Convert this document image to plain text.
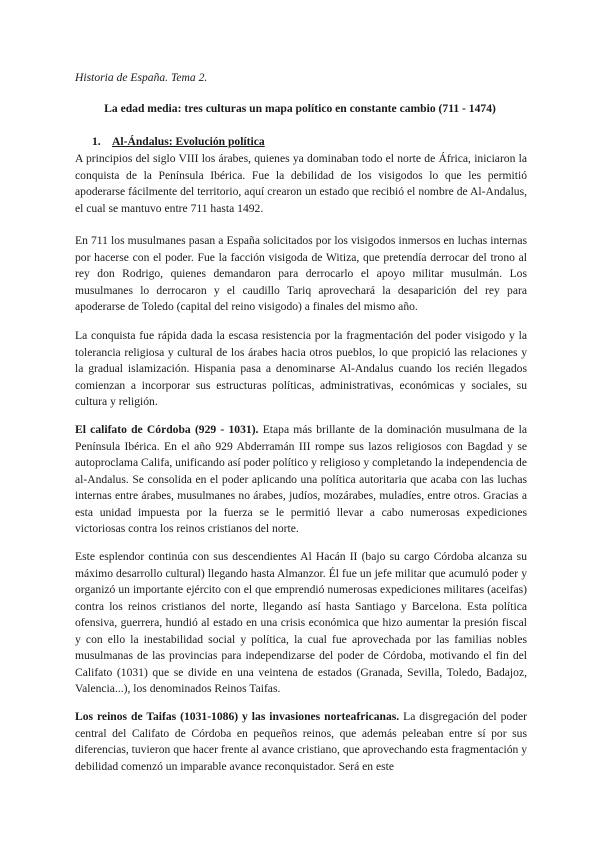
Historia de España. Tema 2.
La edad media: tres culturas un mapa político en constante cambio (711 - 1474)
1. Al-Ándalus: Evolución política

A principios del siglo VIII los árabes, quienes ya dominaban todo el norte de África, iniciaron la conquista de la Península Ibérica. Fue la debilidad de los visigodos lo que les permitió apoderarse fácilmente del territorio, aquí crearon un estado que recibió el nombre de Al-Andalus, el cual se mantuvo entre 711 hasta 1492.

En 711 los musulmanes pasan a España solicitados por los visigodos inmersos en luchas internas por hacerse con el poder. Fue la facción visigoda de Witiza, que pretendía derrocar del trono al rey don Rodrigo, quienes demandaron para derrocarlo el apoyo militar musulmán. Los musulmanes lo derrocaron y el caudillo Tariq aprovechará la desaparición del rey para apoderarse de Toledo (capital del reino visigodo) a finales del mismo año.

La conquista fue rápida dada la escasa resistencia por la fragmentación del poder visigodo y la tolerancia religiosa y cultural de los árabes hacia otros pueblos, lo que propició las relaciones y la gradual islamización. Hispania pasa a denominarse Al-Andalus cuando los recién llegados comienzan a incorporar sus estructuras políticas, administrativas, económicas y sociales, su cultura y religión.

El califato de Córdoba (929 - 1031). Etapa más brillante de la dominación musulmana de la Península Ibérica. En el año 929 Abderramán III rompe sus lazos religiosos con Bagdad y se autoproclama Califa, unificando así poder político y religioso y completando la independencia de al-Andalus. Se consolida en el poder aplicando una política autoritaria que acaba con las luchas internas entre árabes, musulmanes no árabes, judíos, mozárabes, muladíes, entre otros. Gracias a esta unidad impuesta por la fuerza se le permitió llevar a cabo numerosas expediciones victoriosas contra los reinos cristianos del norte.

Este esplendor continúa con sus descendientes Al Hacán II (bajo su cargo Córdoba alcanza su máximo desarrollo cultural) llegando hasta Almanzor. Él fue un jefe militar que acumuló poder y organizó un importante ejército con el que emprendió numerosas expediciones militares (aceifas) contra los reinos cristianos del norte, llegando así hasta Santiago y Barcelona. Esta política ofensiva, guerrera, hundió al estado en una crisis económica que hizo aumentar la presión fiscal y con ello la inestabilidad social y política, la cual fue aprovechada por las familias nobles musulmanas de las provincias para independizarse del poder de Córdoba, motivando el fin del Califato (1031) que se divide en una veintena de estados (Granada, Sevilla, Toledo, Badajoz, Valencia...), los denominados Reinos Taifas.

Los reinos de Taifas (1031-1086) y las invasiones norteafricanas. La disgregación del poder central del Califato de Córdoba en pequeños reinos, que además peleaban entre sí por sus diferencias, tuvieron que hacer frente al avance cristiano, que aprovechando esta fragmentación y debilidad comenzó un imparable avance reconquistador. Será en este
